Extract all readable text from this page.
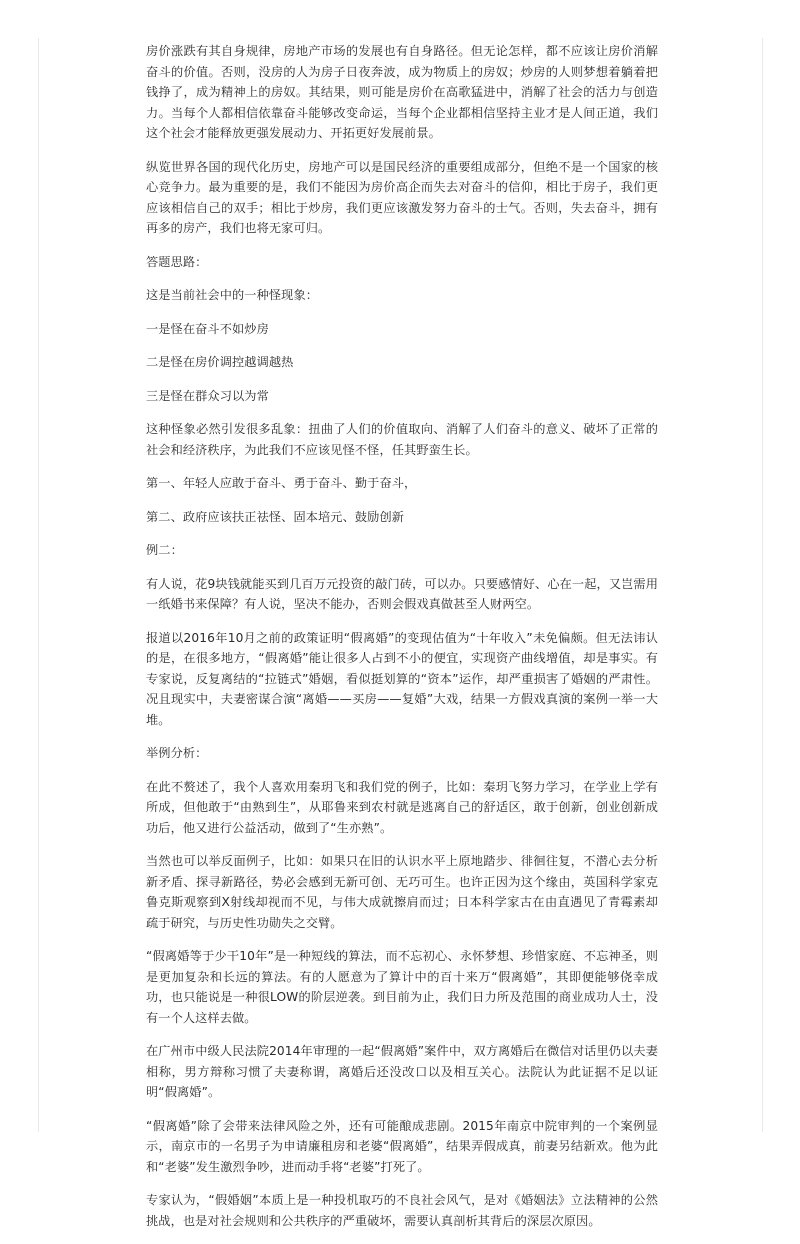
房价涨跌有其自身规律，房地产市场的发展也有自身路径。但无论怎样，都不应该让房价消解奋斗的价值。否则，没房的人为房子日夜奔波，成为物质上的房奴；炒房的人则梦想着躺着把钱挣了，成为精神上的房奴。其结果，则可能是房价在高歌猛进中，消解了社会的活力与创造力。当每个人都相信依靠奋斗能够改变命运，当每个企业都相信坚持主业才是人间正道，我们这个社会才能释放更强发展动力、开拓更好发展前景。

纵览世界各国的现代化历史，房地产可以是国民经济的重要组成部分，但绝不是一个国家的核心竞争力。最为重要的是，我们不能因为房价高企而失去对奋斗的信仰，相比于房子，我们更应该相信自己的双手；相比于炒房，我们更应该激发努力奋斗的士气。否则，失去奋斗，拥有再多的房产，我们也将无家可归。

答题思路：

这是当前社会中的一种怪现象：

一是怪在奋斗不如炒房

二是怪在房价调控越调越热

三是怪在群众习以为常

这种怪象必然引发很多乱象：扭曲了人们的价值取向、消解了人们奋斗的意义、破坏了正常的社会和经济秩序，为此我们不应该见怪不怪，任其野蛮生长。

第一、年轻人应敢于奋斗、勇于奋斗、勤于奋斗，

第二、政府应该扶正祛怪、固本培元、鼓励创新

例二：

有人说，花9块钱就能买到几百万元投资的敲门砖，可以办。只要感情好、心在一起，又岂需用一纸婚书来保障？有人说，坚决不能办，否则会假戏真做甚至人财两空。

报道以2016年10月之前的政策证明“假离婚”的变现估值为“十年收入”未免偏颇。但无法讳认的是，在很多地方，“假离婚”能让很多人占到不小的便宜，实现资产曲线增值，却是事实。有专家说，反复离结的“拉链式”婚姻，看似挺划算的“资本”运作，却严重损害了婚姻的严肃性。况且现实中，夫妻密谋合演“离婚——买房——复婚”大戏，结果一方假戏真演的案例一举一大堆。

举例分析：

在此不赘述了，我个人喜欢用秦玥飞和我们党的例子，比如：秦玥飞努力学习，在学业上学有所成，但他敢于“由熟到生”，从耶鲁来到农村就是逃离自己的舒适区，敢于创新，创业创新成功后，他又进行公益活动，做到了“生亦熟”。

当然也可以举反面例子，比如：如果只在旧的认识水平上原地踏步、徘徊往复，不潜心去分析新矛盾、探寻新路径，势必会感到无新可创、无巧可生。也许正因为这个缘由，英国科学家克鲁克斯观察到X射线却视而不见，与伟大成就擦肩而过；日本科学家古在由直遇见了青霉素却疏于研究，与历史性功勋失之交臂。

“假离婚等于少干10年”是一种短线的算法，而不忘初心、永怀梦想、珍惜家庭、不忘神圣，则是更加复杂和长远的算法。有的人愿意为了算计中的百十来万“假离婚”，其即便能够侥幸成功，也只能说是一种很LOW的阶层逆袭。到目前为止，我们日力所及范围的商业成功人士，没有一个人这样去做。

在广州市中级人民法院2014年审理的一起“假离婚”案件中，双方离婚后在微信对话里仍以夫妻相称，男方辩称习惯了夫妻称谓，离婚后还没改口以及相互关心。法院认为此证据不足以证明“假离婚”。

“假离婚”除了会带来法律风险之外，还有可能酿成悲剧。2015年南京中院审判的一个案例显示，南京市的一名男子为申请廉租房和老婆“假离婚”，结果弄假成真，前妻另结新欢。他为此和“老婆”发生激烈争吵，进而动手将“老婆”打死了。

专家认为，“假婚姻”本质上是一种投机取巧的不良社会风气，是对《婚姻法》立法精神的公然挑战，也是对社会规则和公共秩序的严重破坏，需要认真剖析其背后的深层次原因。
